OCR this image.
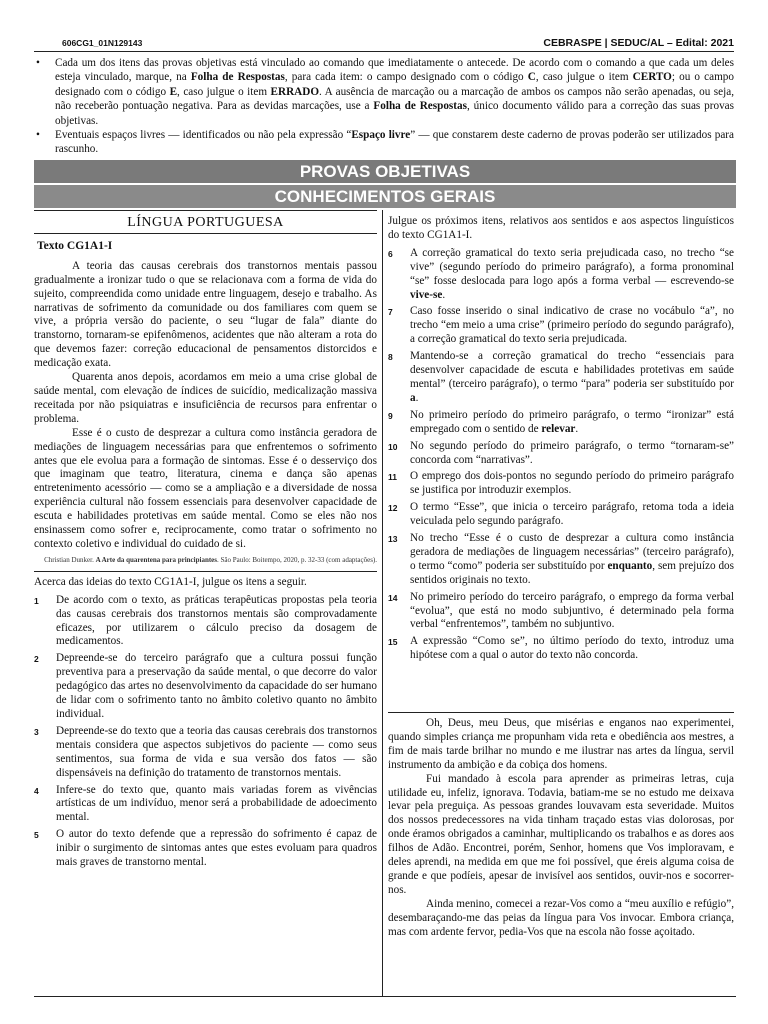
606CG1_01N129143	CEBRASPE | SEDUC/AL – Edital: 2021
• Cada um dos itens das provas objetivas está vinculado ao comando que imediatamente o antecede. De acordo com o comando a que cada um deles esteja vinculado, marque, na Folha de Respostas, para cada item: o campo designado com o código C, caso julgue o item CERTO; ou o campo designado com o código E, caso julgue o item ERRADO. A ausência de marcação ou a marcação de ambos os campos não serão apenadas, ou seja, não receberão pontuação negativa. Para as devidas marcações, use a Folha de Respostas, único documento válido para a correção das suas provas objetivas.
• Eventuais espaços livres — identificados ou não pela expressão “Espaço livre” — que constarem deste caderno de provas poderão ser utilizados para rascunho.
PROVAS OBJETIVAS
CONHECIMENTOS GERAIS
LÍNGUA PORTUGUESA
Texto CG1A1-I

A teoria das causas cerebrais dos transtornos mentais passou gradualmente a ironizar tudo o que se relacionava com a forma de vida do sujeito, compreendida como unidade entre linguagem, desejo e trabalho. As narrativas de sofrimento da comunidade ou dos familiares com quem se vive, a própria versão do paciente, o seu “lugar de fala” diante do transtorno, tornaram-se epifenômenos, acidentes que não alteram a rota do que devemos fazer: correção educacional de pensamentos distorcidos e medicação exata.

Quarenta anos depois, acordamos em meio a uma crise global de saúde mental, com elevação de índices de suicídio, medicalização massiva receitada por não psiquiatras e insuficiência de recursos para enfrentar o problema.

Esse é o custo de desprezar a cultura como instância geradora de mediações de linguagem necessárias para que enfrentemos o sofrimento antes que ele evolua para a formação de sintomas. Esse é o desserviço dos que imaginam que teatro, literatura, cinema e dança são apenas entretenimento acessório — como se a ampliação e a diversidade de nossa experiência cultural não fossem essenciais para desenvolver capacidade de escuta e habilidades protetivas em saúde mental. Como se eles não nos ensinassem como sofrer e, reciprocamente, como tratar o sofrimento no contexto coletivo e individual do cuidado de si.

Christian Dunker. A Arte da quarentena para principiantes. São Paulo: Boitempo, 2020, p. 32-33 (com adaptações).

Acerca das ideias do texto CG1A1-I, julgue os itens a seguir.

1 De acordo com o texto, as práticas terapêuticas propostas pela teoria das causas cerebrais dos transtornos mentais são comprovadamente eficazes, por utilizarem o cálculo preciso da dosagem de medicamentos.
2 Depreende-se do terceiro parágrafo que a cultura possui função preventiva para a preservação da saúde mental, o que decorre do valor pedagógico das artes no desenvolvimento da capacidade do ser humano de lidar com o sofrimento tanto no âmbito coletivo quanto no âmbito individual.
3 Depreende-se do texto que a teoria das causas cerebrais dos transtornos mentais considera que aspectos subjetivos do paciente — como seus sentimentos, sua forma de vida e sua versão dos fatos — são dispensáveis na definição do tratamento de transtornos mentais.
4 Infere-se do texto que, quanto mais variadas forem as vivências artísticas de um indivíduo, menor será a probabilidade de adoecimento mental.
5 O autor do texto defende que a repressão do sofrimento é capaz de inibir o surgimento de sintomas antes que estes evoluam para quadros mais graves de transtorno mental.

Julgue os próximos itens, relativos aos sentidos e aos aspectos linguísticos do texto CG1A1-I.

6 A correção gramatical do texto seria prejudicada caso, no trecho “se vive” (segundo período do primeiro parágrafo), a forma pronominal “se” fosse deslocada para logo após a forma verbal — escrevendo-se vive-se.
7 Caso fosse inserido o sinal indicativo de crase no vocábulo “a”, no trecho “em meio a uma crise” (primeiro período do segundo parágrafo), a correção gramatical do texto seria prejudicada.
8 Mantendo-se a correção gramatical do trecho “essenciais para desenvolver capacidade de escuta e habilidades protetivas em saúde mental” (terceiro parágrafo), o termo “para” poderia ser substituído por a.
9 No primeiro período do primeiro parágrafo, o termo “ironizar” está empregado com o sentido de relevar.
10 No segundo período do primeiro parágrafo, o termo “tornaram-se” concorda com “narrativas”.
11 O emprego dos dois-pontos no segundo período do primeiro parágrafo se justifica por introduzir exemplos.
12 O termo “Esse”, que inicia o terceiro parágrafo, retoma toda a ideia veiculada pelo segundo parágrafo.
13 No trecho “Esse é o custo de desprezar a cultura como instância geradora de mediações de linguagem necessárias” (terceiro parágrafo), o termo “como” poderia ser substituído por enquanto, sem prejuízo dos sentidos originais no texto.
14 No primeiro período do terceiro parágrafo, o emprego da forma verbal “evolua”, que está no modo subjuntivo, é determinado pela forma verbal “enfrentemos”, também no subjuntivo.
15 A expressão “Como se”, no último período do texto, introduz uma hipótese com a qual o autor do texto não concorda.

Oh, Deus, meu Deus, que misérias e enganos nao experimentei, quando simples criança me propunham vida reta e obediência aos mestres, a fim de mais tarde brilhar no mundo e me ilustrar nas artes da língua, servil instrumento da ambição e da cobiça dos homens.

Fui mandado à escola para aprender as primeiras letras, cuja utilidade eu, infeliz, ignorava. Todavia, batiam-me se no estudo me deixava levar pela preguiça. As pessoas grandes louvavam esta severidade. Muitos dos nossos predecessores na vida tinham traçado estas vias dolorosas, por onde éramos obrigados a caminhar, multiplicando os trabalhos e as dores aos filhos de Adão. Encontrei, porém, Senhor, homens que Vos imploravam, e deles aprendi, na medida em que me foi possível, que éreis alguma coisa de grande e que podíeis, apesar de invisível aos sentidos, ouvir-nos e socorrer-nos.

Ainda menino, comecei a rezar-Vos como a “meu auxílio e refúgio”, desembaraçando-me das peias da língua para Vos invocar. Embora criança, mas com ardente fervor, pedia-Vos que na escola não fosse açoitado.
